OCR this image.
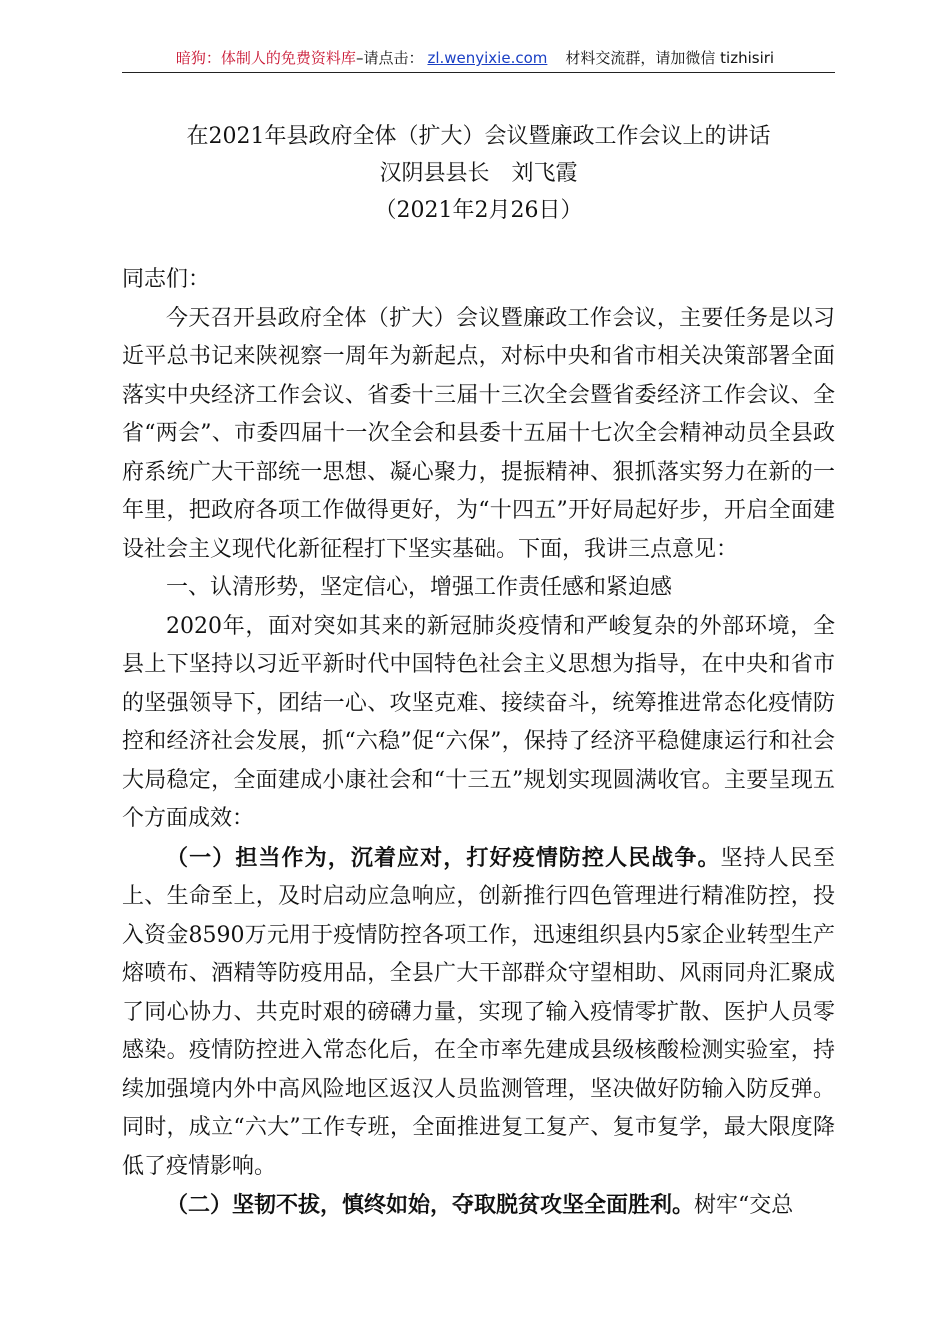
暗狗：体制人的免费资料库–请点击： zl.wenyixie.com 材料交流群，请加微信 tizhisiri
在2021年县政府全体（扩大）会议暨廉政工作会议上的讲话
汉阴县县长　刘飞霞
（2021年2月26日）

同志们：

今天召开县政府全体（扩大）会议暨廉政工作会议，主要任务是以习近平总书记来陕视察一周年为新起点，对标中央和省市相关决策部署全面落实中央经济工作会议、省委十三届十三次全会暨省委经济工作会议、全省“两会”、市委四届十一次全会和县委十五届十七次全会精神动员全县政府系统广大干部统一思想、凝心聚力，提振精神、狠抓落实努力在新的一年里，把政府各项工作做得更好，为“十四五”开好局起好步，开启全面建设社会主义现代化新征程打下坚实基础。下面，我讲三点意见：

一、认清形势，坚定信心，增强工作责任感和紧迫感

2020年，面对突如其来的新冠肺炎疫情和严峻复杂的外部环境，全县上下坚持以习近平新时代中国特色社会主义思想为指导，在中央和省市的坚强领导下，团结一心、攻坚克难、接续奋斗，统筹推进常态化疫情防控和经济社会发展，抓“六稳”促“六保”，保持了经济平稳健康运行和社会大局稳定，全面建成小康社会和“十三五”规划实现圆满收官。主要呈现五个方面成效：

（一）担当作为，沉着应对，打好疫情防控人民战争。坚持人民至上、生命至上，及时启动应急响应，创新推行四色管理进行精准防控，投入资金8590万元用于疫情防控各项工作，迅速组织县内5家企业转型生产熔喷布、酒精等防疫用品，全县广大干部群众守望相助、风雨同舟汇聚成了同心协力、共克时艰的磅礴力量，实现了输入疫情零扩散、医护人员零感染。疫情防控进入常态化后，在全市率先建成县级核酸检测实验室，持续加强境内外中高风险地区返汉人员监测管理，坚决做好防输入防反弹。同时，成立“六大”工作专班，全面推进复工复产、复市复学，最大限度降低了疫情影响。

（二）坚韧不拔，慎终如始，夺取脱贫攻坚全面胜利。树牢“交总
